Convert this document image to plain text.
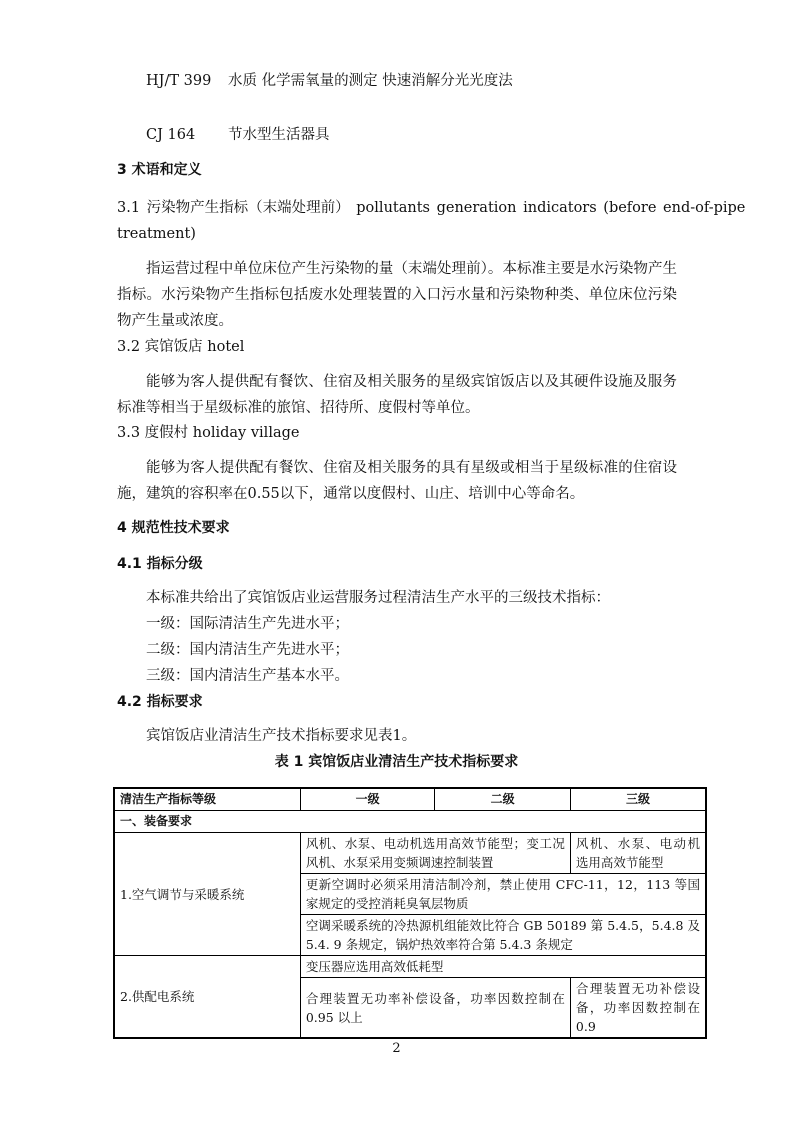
HJ/T 399 水质 化学需氧量的测定 快速消解分光光度法
CJ 164 节水型生活器具
3 术语和定义
3.1 污染物产生指标（末端处理前） pollutants generation indicators (before end-of-pipe
treatment)

指运营过程中单位床位产生污染物的量（末端处理前）。本标准主要是水污染物产生指标。水污染物产生指标包括废水处理装置的入口污水量和污染物种类、单位床位污染物产生量或浓度。

3.2 宾馆饭店 hotel

能够为客人提供配有餐饮、住宿及相关服务的星级宾馆饭店以及其硬件设施及服务标准等相当于星级标准的旅馆、招待所、度假村等单位。

3.3 度假村 holiday village

能够为客人提供配有餐饮、住宿及相关服务的具有星级或相当于星级标准的住宿设施，建筑的容积率在0.55以下，通常以度假村、山庄、培训中心等命名。

4 规范性技术要求
4.1 指标分级
本标准共给出了宾馆饭店业运营服务过程清洁生产水平的三级技术指标：
一级：国际清洁生产先进水平；
二级：国内清洁生产先进水平；
三级：国内清洁生产基本水平。
4.2 指标要求
宾馆饭店业清洁生产技术指标要求见表1。
表 1 宾馆饭店业清洁生产技术指标要求
清洁生产指标等级	一级	二级	三级
一、装备要求			
1.空气调节与采暖系统	风机、水泵、电动机选用高效节能型；变工况风机、水泵采用变频调速控制装置		风机、水泵、电动机选用高效节能型
	更新空调时必须采用清洁制冷剂，禁止使用 CFC-11，12，113 等国家规定的受控消耗臭氧层物质		
	空调采暖系统的冷热源机组能效比符合 GB 50189 第 5.4.5，5.4.8 及 5.4. 9 条规定，锅炉热效率符合第 5.4.3 条规定		
2.供配电系统	变压器应选用高效低耗型		
	合理装置无功率补偿设备，功率因数控制在 0.95 以上		合理装置无功补偿设备，功率因数控制在 0.9
2
